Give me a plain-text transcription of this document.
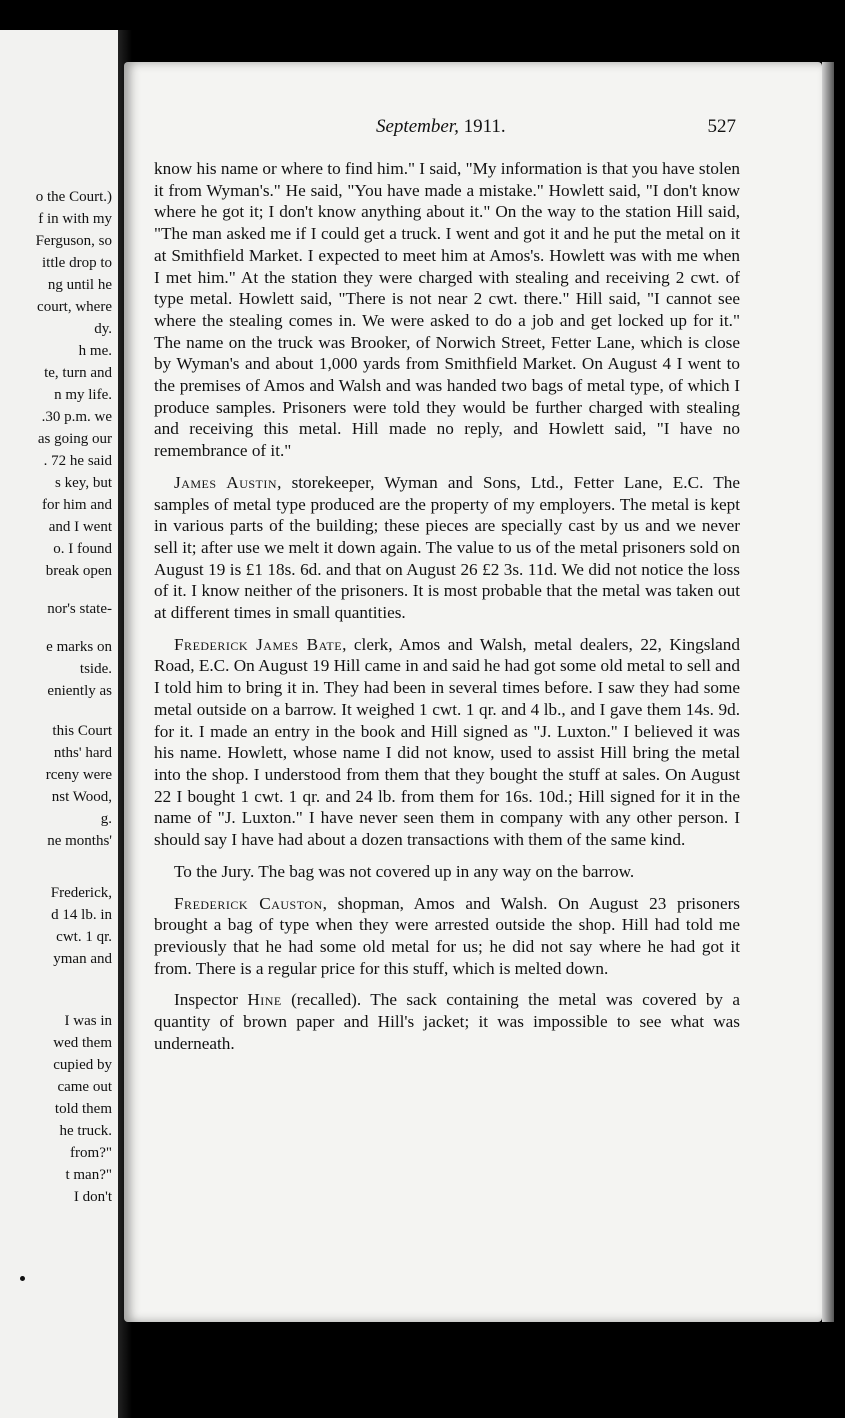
o the Court.)
f in with my
Ferguson, so
ittle drop to
ng until he
court, where
dy.
h me.
te, turn and
n my life.
.30 p.m. we
as going our
. 72 he said
s key, but
for him and
and I went
o. I found
break open
nor's state-
e marks on
tside.
eniently as
this Court
nths' hard
rceny were
nst Wood,
g.
ne months'
Frederick,
d 14 lb. in
cwt. 1 qr.
yman and
I was in
wed them
cupied by
came out
told them
he truck.
from?"
t man?"
I don't
September, 1911.	527

know his name or where to find him." I said, "My information is that you have stolen it from Wyman's." He said, "You have made a mistake." Howlett said, "I don't know where he got it; I don't know anything about it." On the way to the station Hill said, "The man asked me if I could get a truck. I went and got it and he put the metal on it at Smithfield Market. I expected to meet him at Amos's. Howlett was with me when I met him." At the station they were charged with stealing and receiving 2 cwt. of type metal. Howlett said, "There is not near 2 cwt. there." Hill said, "I cannot see where the stealing comes in. We were asked to do a job and get locked up for it." The name on the truck was Brooker, of Norwich Street, Fetter Lane, which is close by Wyman's and about 1,000 yards from Smithfield Market. On August 4 I went to the premises of Amos and Walsh and was handed two bags of metal type, of which I produce samples. Prisoners were told they would be further charged with stealing and receiving this metal. Hill made no reply, and Howlett said, "I have no remembrance of it."

James Austin, storekeeper, Wyman and Sons, Ltd., Fetter Lane, E.C. The samples of metal type produced are the property of my employers. The metal is kept in various parts of the building; these pieces are specially cast by us and we never sell it; after use we melt it down again. The value to us of the metal prisoners sold on August 19 is £1 18s. 6d. and that on August 26 £2 3s. 11d. We did not notice the loss of it. I know neither of the prisoners. It is most probable that the metal was taken out at different times in small quantities.

Frederick James Bate, clerk, Amos and Walsh, metal dealers, 22, Kingsland Road, E.C. On August 19 Hill came in and said he had got some old metal to sell and I told him to bring it in. They had been in several times before. I saw they had some metal outside on a barrow. It weighed 1 cwt. 1 qr. and 4 lb., and I gave them 14s. 9d. for it. I made an entry in the book and Hill signed as "J. Luxton." I believed it was his name. Howlett, whose name I did not know, used to assist Hill bring the metal into the shop. I understood from them that they bought the stuff at sales. On August 22 I bought 1 cwt. 1 qr. and 24 lb. from them for 16s. 10d.; Hill signed for it in the name of "J. Luxton." I have never seen them in company with any other person. I should say I have had about a dozen transactions with them of the same kind.

To the Jury. The bag was not covered up in any way on the barrow.

Frederick Causton, shopman, Amos and Walsh. On August 23 prisoners brought a bag of type when they were arrested outside the shop. Hill had told me previously that he had some old metal for us; he did not say where he had got it from. There is a regular price for this stuff, which is melted down.

Inspector Hine (recalled). The sack containing the metal was covered by a quantity of brown paper and Hill's jacket; it was impossible to see what was underneath.
